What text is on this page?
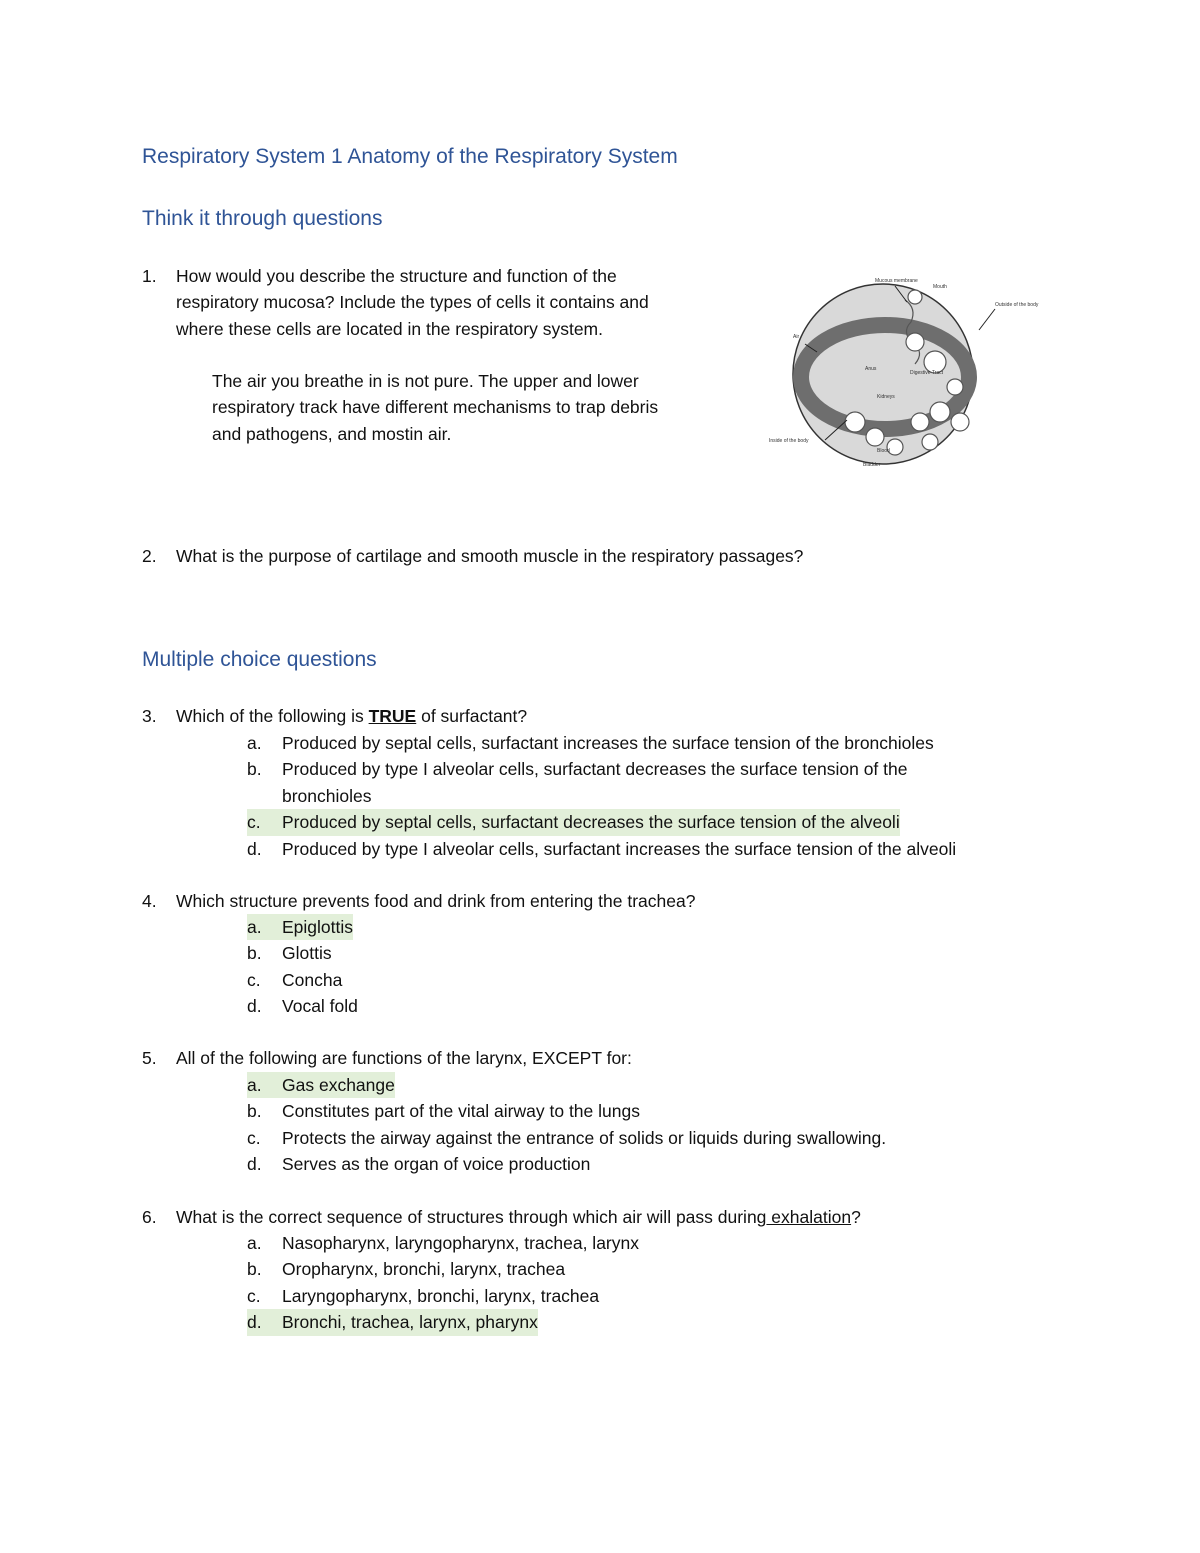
Respiratory System 1 Anatomy of the Respiratory System
Think it through questions
1.	How would you describe the structure and function of the
respiratory mucosa? Include the types of cells it contains and
where these cells are located in the respiratory system.
The air you breathe in is not pure. The upper and lower
respiratory track have different mechanisms to trap debris
and pathogens, and mostin air.
Mucous membrane
Mouth
Outside of the body
Air
Anus
Digestive Tract
Kidneys
Inside of the body
Blood
Bladder
2.	What is the purpose of cartilage and smooth muscle in the respiratory passages?
Multiple choice questions
3.	Which of the following is TRUE of surfactant?
a. Produced by septal cells, surfactant increases the surface tension of the bronchioles
b. Produced by type I alveolar cells, surfactant decreases the surface tension of the
bronchioles
c. Produced by septal cells, surfactant decreases the surface tension of the alveoli
d. Produced by type I alveolar cells, surfactant increases the surface tension of the alveoli
4.	Which structure prevents food and drink from entering the trachea?
a. Epiglottis
b. Glottis
c. Concha
d. Vocal fold
5.	All of the following are functions of the larynx, EXCEPT for:
a. Gas exchange
b. Constitutes part of the vital airway to the lungs
c. Protects the airway against the entrance of solids or liquids during swallowing.
d. Serves as the organ of voice production
6.	What is the correct sequence of structures through which air will pass during exhalation?
a. Nasopharynx, laryngopharynx, trachea, larynx
b. Oropharynx, bronchi, larynx, trachea
c. Laryngopharynx, bronchi, larynx, trachea
d. Bronchi, trachea, larynx, pharynx
